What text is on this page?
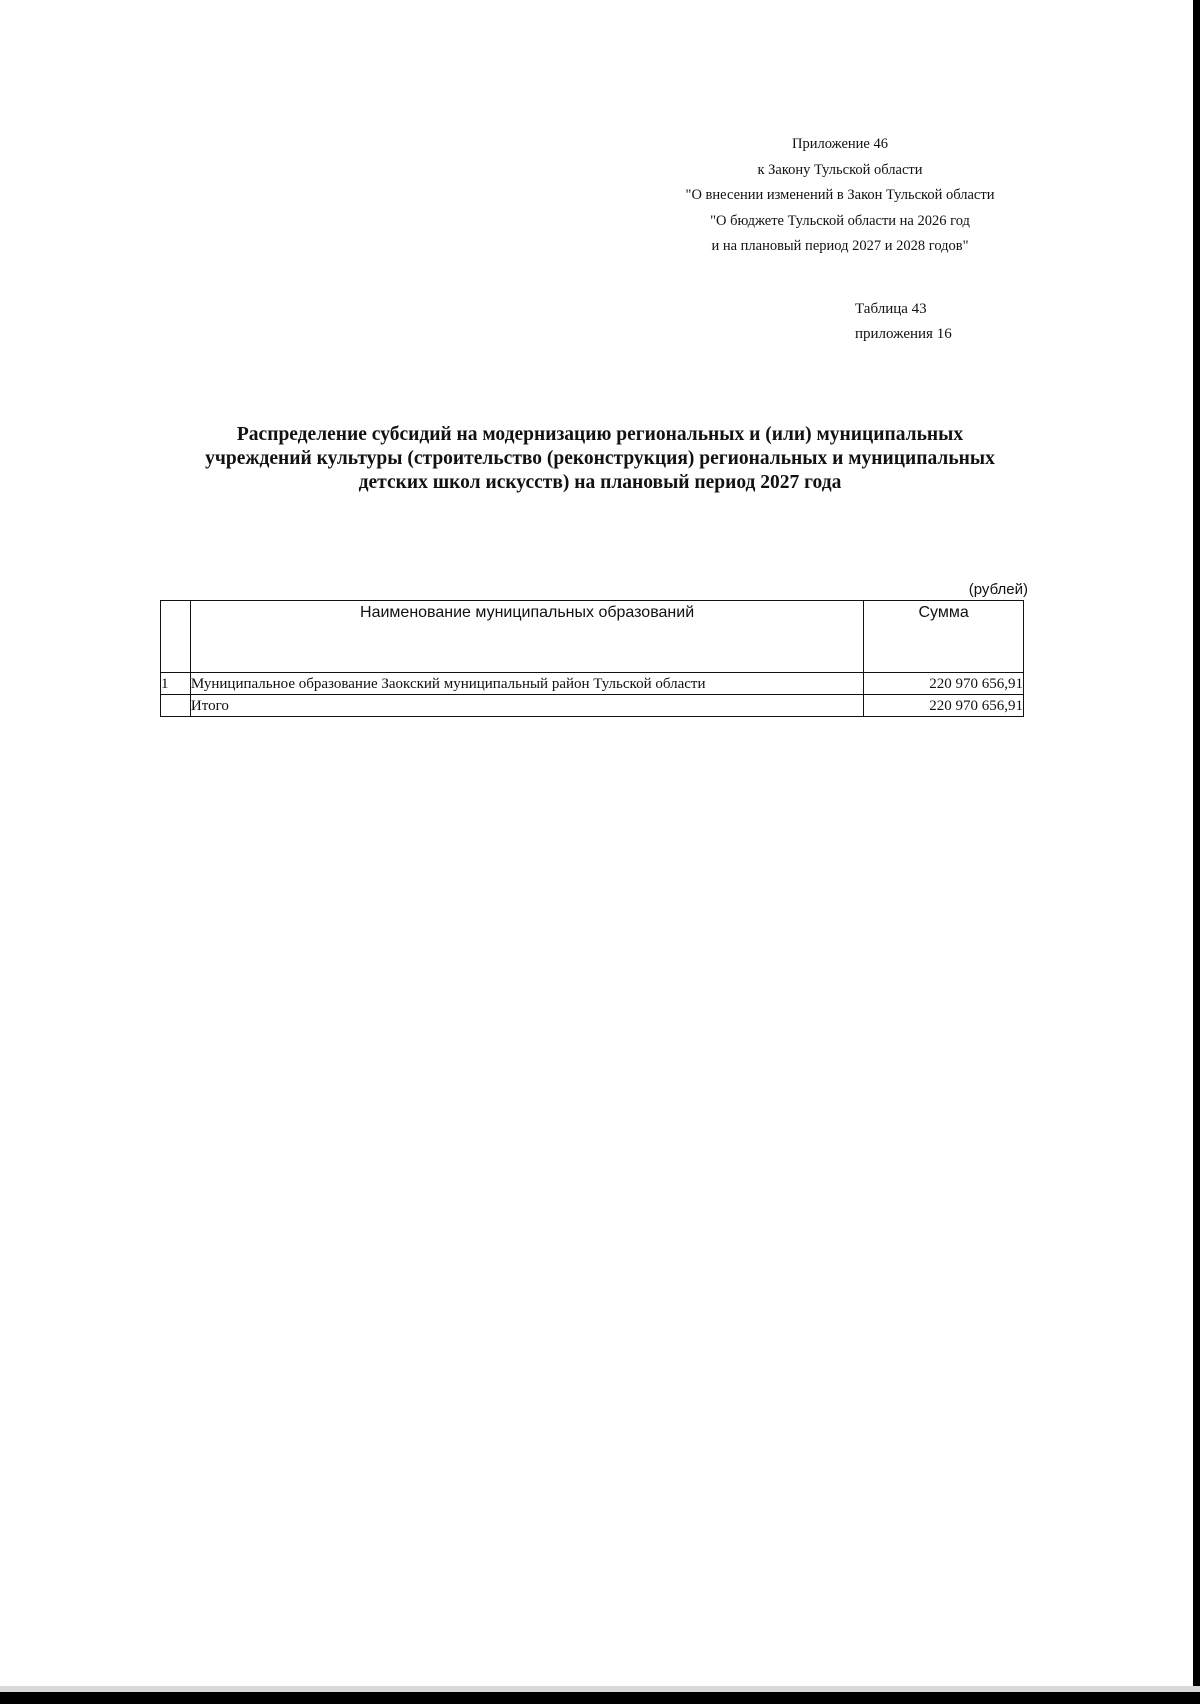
Приложение 46
к Закону Тульской области
"О внесении изменений в Закон Тульской области
"О бюджете Тульской области на 2026 год
и на плановый период 2027 и 2028 годов"
Таблица 43
приложения 16
Распределение субсидий на модернизацию региональных и (или) муниципальных
учреждений культуры (строительство (реконструкция) региональных и муниципальных
детских школ искусств) на плановый период 2027 года
(рублей)
	Наименование муниципальных образований	Сумма
1	Муниципальное образование Заокский муниципальный район Тульской области	220 970 656,91
	Итого	220 970 656,91
